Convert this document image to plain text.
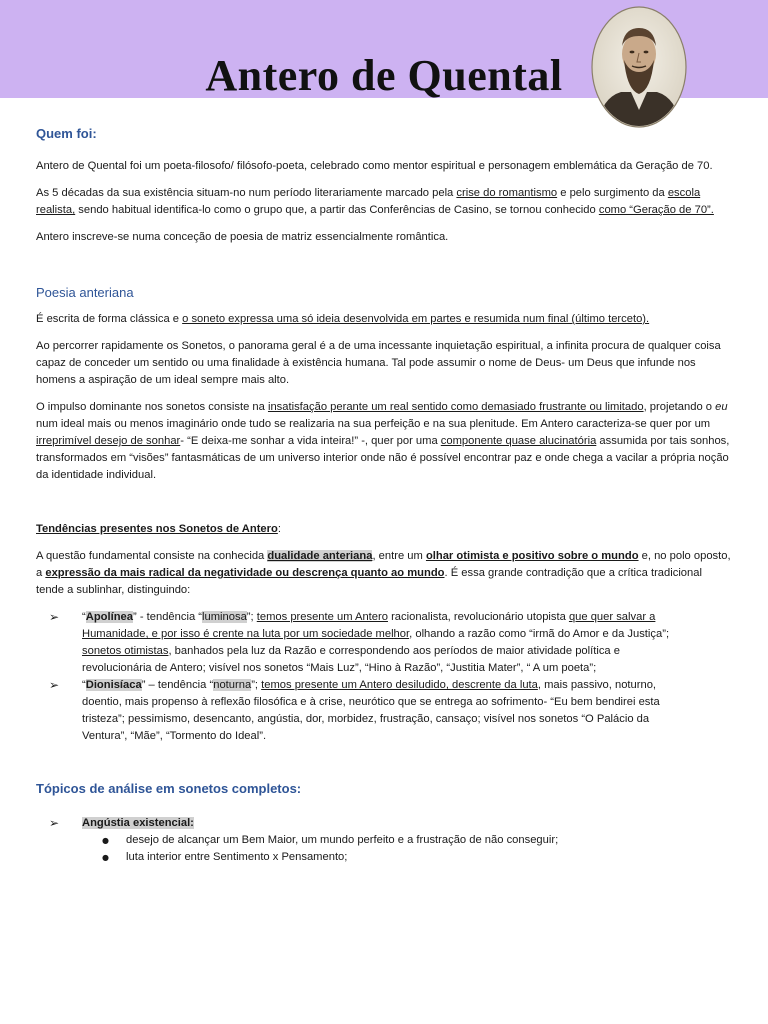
Antero de Quental
Quem foi:

Antero de Quental foi um poeta-filosofo/ filósofo-poeta, celebrado como mentor espiritual e personagem emblemática da Geração de 70.

As 5 décadas da sua existência situam-no num período literariamente marcado pela crise do romantismo e pelo surgimento da escola realista, sendo habitual identifica-lo como o grupo que, a partir das Conferências de Casino, se tornou conhecido como “Geração de 70”.

Antero inscreve-se numa conceção de poesia de matriz essencialmente romântica.

Poesia anteriana

É escrita de forma clássica e o soneto expressa uma só ideia desenvolvida em partes e resumida num final (último terceto).

Ao percorrer rapidamente os Sonetos, o panorama geral é a de uma incessante inquietação espiritual, a infinita procura de qualquer coisa capaz de conceder um sentido ou uma finalidade à existência humana. Tal pode assumir o nome de Deus- um Deus que infunde nos homens a aspiração de um ideal sempre mais alto.

O impulso dominante nos sonetos consiste na insatisfação perante um real sentido como demasiado frustrante ou limitado, projetando o eu num ideal mais ou menos imaginário onde tudo se realizaria na sua perfeição e na sua plenitude. Em Antero caracteriza-se quer por um irreprimível desejo de sonhar- “E deixa-me sonhar a vida inteira!” -, quer por uma componente quase alucinatória assumida por tais sonhos, transformados em “visões” fantasmáticas de um universo interior onde não é possível encontrar paz e onde chega a vacilar a própria noção da identidade individual.

Tendências presentes nos Sonetos de Antero:

A questão fundamental consiste na conhecida dualidade anteriana, entre um olhar otimista e positivo sobre o mundo e, no polo oposto, a expressão da mais radical da negatividade ou descrença quanto ao mundo. É essa grande contradição que a crítica tradicional tende a sublinhar, distinguindo:

➢ “Apolínea” - tendência “luminosa”; temos presente um Antero racionalista, revolucionário utopista que quer salvar a Humanidade, e por isso é crente na luta por um sociedade melhor, olhando a razão como “irmã do Amor e da Justiça”; sonetos otimistas, banhados pela luz da Razão e correspondendo aos períodos de maior atividade política e revolucionária de Antero; visível nos sonetos “Mais Luz”, “Hino à Razão”, “Justitia Mater”, “ A um poeta”;
➢ “Dionisíaca” – tendência “noturna”; temos presente um Antero desiludido, descrente da luta, mais passivo, noturno, doentio, mais propenso à reflexão filosófica e à crise, neurótico que se entrega ao sofrimento- “Eu bem bendirei esta tristeza”; pessimismo, desencanto, angústia, dor, morbidez, frustração, cansaço; visível nos sonetos “O Palácio da Ventura”, “Mãe”, “Tormento do Ideal”.
Tópicos de análise em sonetos completos:
➢ Angústia existencial:
● desejo de alcançar um Bem Maior, um mundo perfeito e a frustração de não conseguir;
● luta interior entre Sentimento x Pensamento;
